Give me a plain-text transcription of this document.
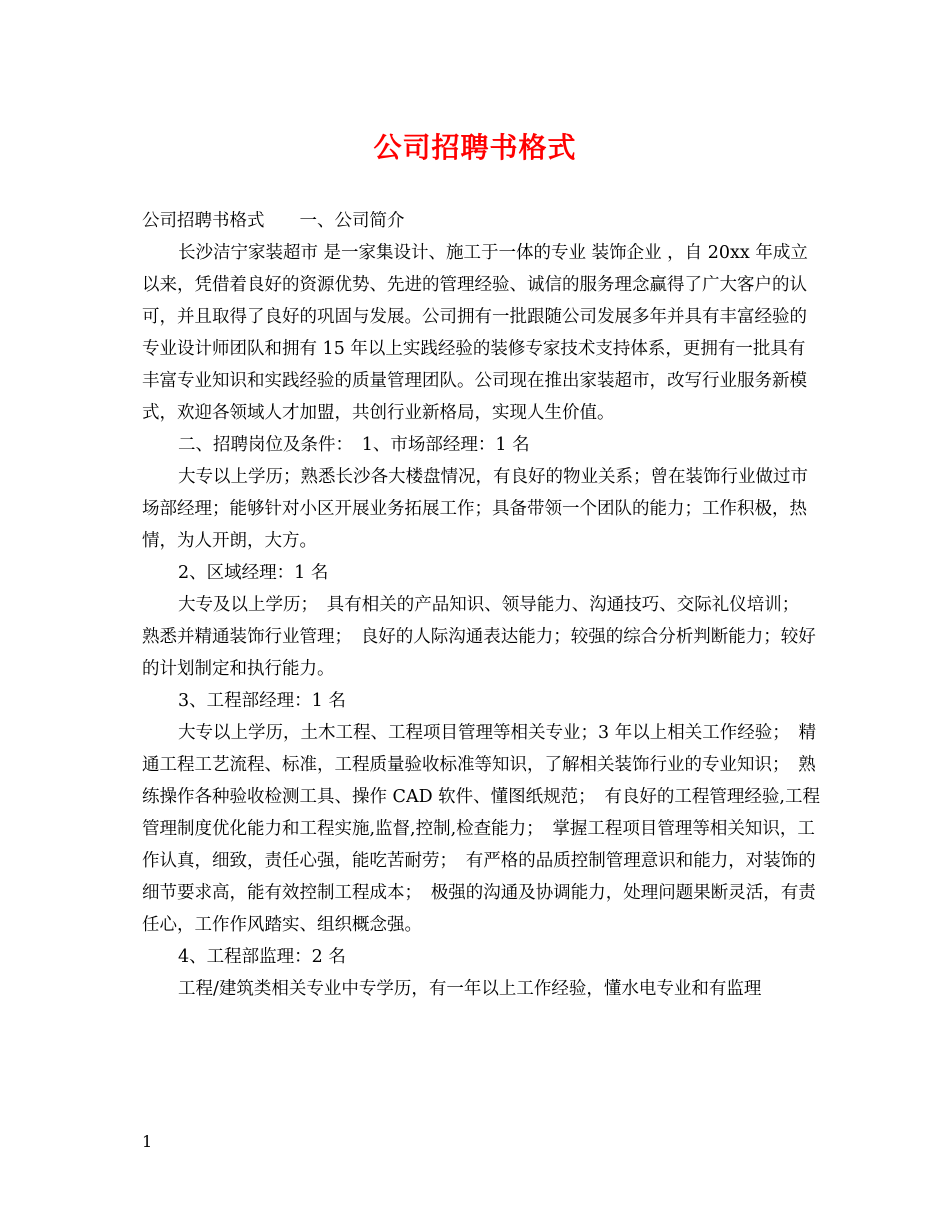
公司招聘书格式

公司招聘书格式　　一、公司简介

长沙洁宁家装超市 是一家集设计、施工于一体的专业 装饰企业 ，自 20xx 年成立以来，凭借着良好的资源优势、先进的管理经验、诚信的服务理念赢得了广大客户的认可，并且取得了良好的巩固与发展。公司拥有一批跟随公司发展多年并具有丰富经验的专业设计师团队和拥有 15 年以上实践经验的装修专家技术支持体系，更拥有一批具有丰富专业知识和实践经验的质量管理团队。公司现在推出家装超市，改写行业服务新模式，欢迎各领域人才加盟，共创行业新格局，实现人生价值。

二、招聘岗位及条件：　1、市场部经理：1 名

大专以上学历；熟悉长沙各大楼盘情况，有良好的物业关系；曾在装饰行业做过市场部经理；能够针对小区开展业务拓展工作；具备带领一个团队的能力；工作积极，热情，为人开朗，大方。

2、区域经理：1 名

大专及以上学历；　具有相关的产品知识、领导能力、沟通技巧、交际礼仪培训；　熟悉并精通装饰行业管理；　良好的人际沟通表达能力；较强的综合分析判断能力；较好的计划制定和执行能力。

3、工程部经理：1 名

大专以上学历，土木工程、工程项目管理等相关专业；3 年以上相关工作经验；　精通工程工艺流程、标准，工程质量验收标准等知识，了解相关装饰行业的专业知识；　熟练操作各种验收检测工具、操作 CAD 软件、懂图纸规范；　有良好的工程管理经验,工程管理制度优化能力和工程实施,监督,控制,检查能力；　掌握工程项目管理等相关知识，工作认真，细致，责任心强，能吃苦耐劳；　有严格的品质控制管理意识和能力，对装饰的细节要求高，能有效控制工程成本；　极强的沟通及协调能力，处理问题果断灵活，有责任心，工作作风踏实、组织概念强。

4、工程部监理：2 名

工程/建筑类相关专业中专学历，有一年以上工作经验，懂水电专业和有监理

1
